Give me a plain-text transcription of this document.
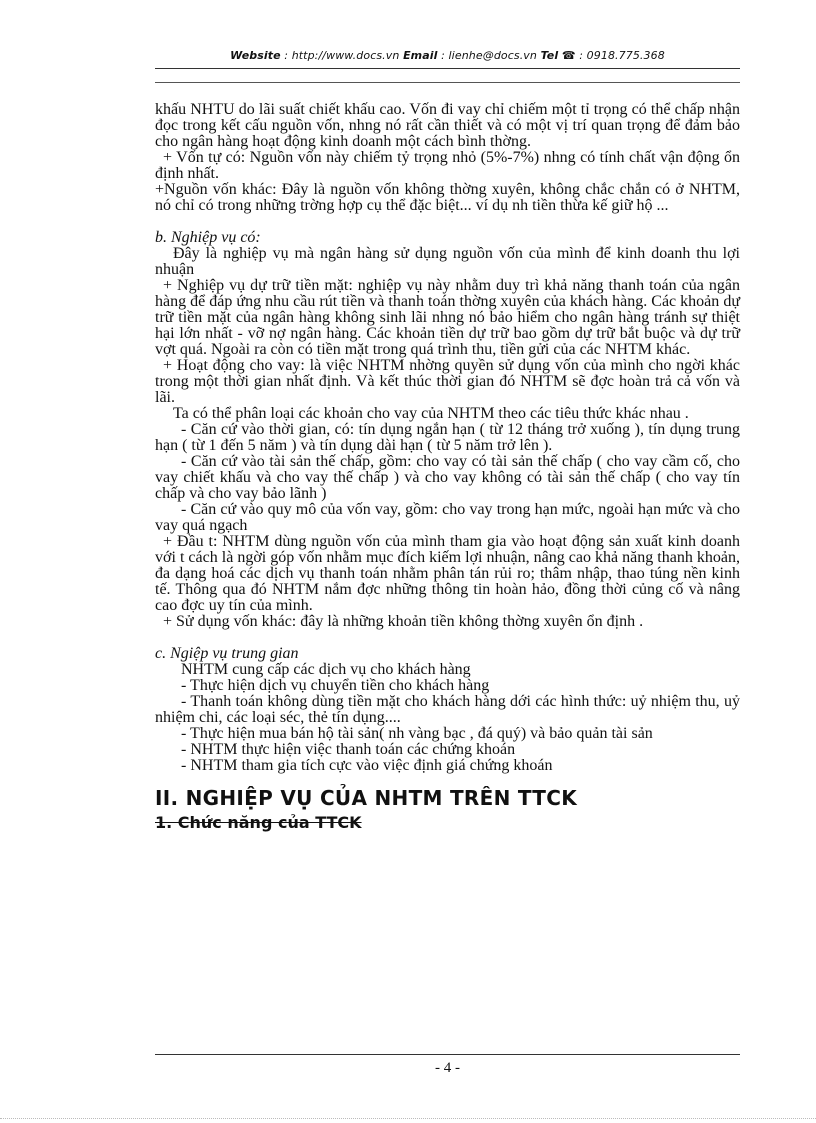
Website : http://www.docs.vn Email : lienhe@docs.vn Tel ☎ : 0918.775.368

khấu NHTU do lãi suất chiết khấu cao. Vốn đi vay chỉ chiếm một tỉ trọng có thể chấp nhận đọc trong kết cấu nguồn vốn, nhng nó rất cần thiết và có một vị trí quan trọng để đảm bảo cho ngân hàng hoạt động kinh doanh một cách bình thờng.

+ Vốn tự có: Nguồn vốn này chiếm tỷ trọng nhỏ (5%-7%) nhng có tính chất vận động ổn định nhất.

+Nguồn vốn khác: Đây là nguồn vốn không thờng xuyên, không chắc chắn có ở NHTM, nó chỉ có trong những trờng hợp cụ thể đặc biệt... ví dụ nh tiền thừa kế giữ hộ ...

b. Nghiệp vụ có:

Đây là nghiệp vụ mà ngân hàng sử dụng nguồn vốn của mình để kinh doanh thu lợi nhuận

+ Nghiệp vụ dự trữ tiền mặt: nghiệp vụ này nhằm duy trì khả năng thanh toán của ngân hàng để đáp ứng nhu cầu rút tiền và thanh toán thờng xuyên của khách hàng. Các khoản dự trữ tiền mặt của ngân hàng không sinh lãi nhng nó bảo hiểm cho ngân hàng tránh sự thiệt hại lớn nhất - vỡ nợ ngân hàng. Các khoản tiền dự trữ bao gồm dự trữ bắt buộc và dự trữ vợt quá. Ngoài ra còn có tiền mặt trong quá trình thu, tiền gửi của các NHTM khác.

+ Hoạt động cho vay: là việc NHTM nhờng quyền sử dụng vốn của mình cho ngời khác trong một thời gian nhất định. Và kết thúc thời gian đó NHTM sẽ đợc hoàn trả cả vốn và lãi.

Ta có thể phân loại các khoản cho vay của NHTM theo các tiêu thức khác nhau .

- Căn cứ vào thời gian, có: tín dụng ngắn hạn ( từ 12 tháng trở xuống ), tín dụng trung hạn ( từ 1 đến 5 năm ) và tín dụng dài hạn ( từ 5 năm trở lên ).

- Căn cứ vào tài sản thế chấp, gồm: cho vay có tài sản thế chấp ( cho vay cầm cố, cho vay chiết khấu và cho vay thế chấp ) và cho vay không có tài sản thế chấp ( cho vay tín chấp và cho vay bảo lãnh )

- Căn cứ vào quy mô của vốn vay, gồm: cho vay trong hạn mức, ngoài hạn mức và cho vay quá ngạch

+ Đầu t: NHTM dùng nguồn vốn của mình tham gia vào hoạt động sản xuất kinh doanh với t cách là ngời góp vốn nhằm mục đích kiếm lợi nhuận, nâng cao khả năng thanh khoản, đa dạng hoá các dịch vụ thanh toán nhằm phân tán rủi ro; thâm nhập, thao túng nền kinh tế. Thông qua đó NHTM nắm đợc những thông tin hoàn hảo, đồng thời củng cố và nâng cao đợc uy tín của mình.

+ Sử dụng vốn khác: đây là những khoản tiền không thờng xuyên ổn định .

c. Ngiệp vụ trung gian

NHTM cung cấp các dịch vụ cho khách hàng

- Thực hiện dịch vụ chuyển tiền cho khách hàng

- Thanh toán không dùng tiền mặt cho khách hàng dới các hình thức: uỷ nhiệm thu, uỷ nhiệm chi, các loại séc, thẻ tín dụng....

- Thực hiện mua bán hộ tài sản( nh vàng bạc , đá quý) và bảo quản tài sản

- NHTM thực hiện việc thanh toán các chứng khoán

- NHTM tham gia tích cực vào việc định giá chứng khoán

II. NGHIỆP VỤ CỦA NHTM TRÊN TTCK
1. Chức năng của TTCK
- 4 -
